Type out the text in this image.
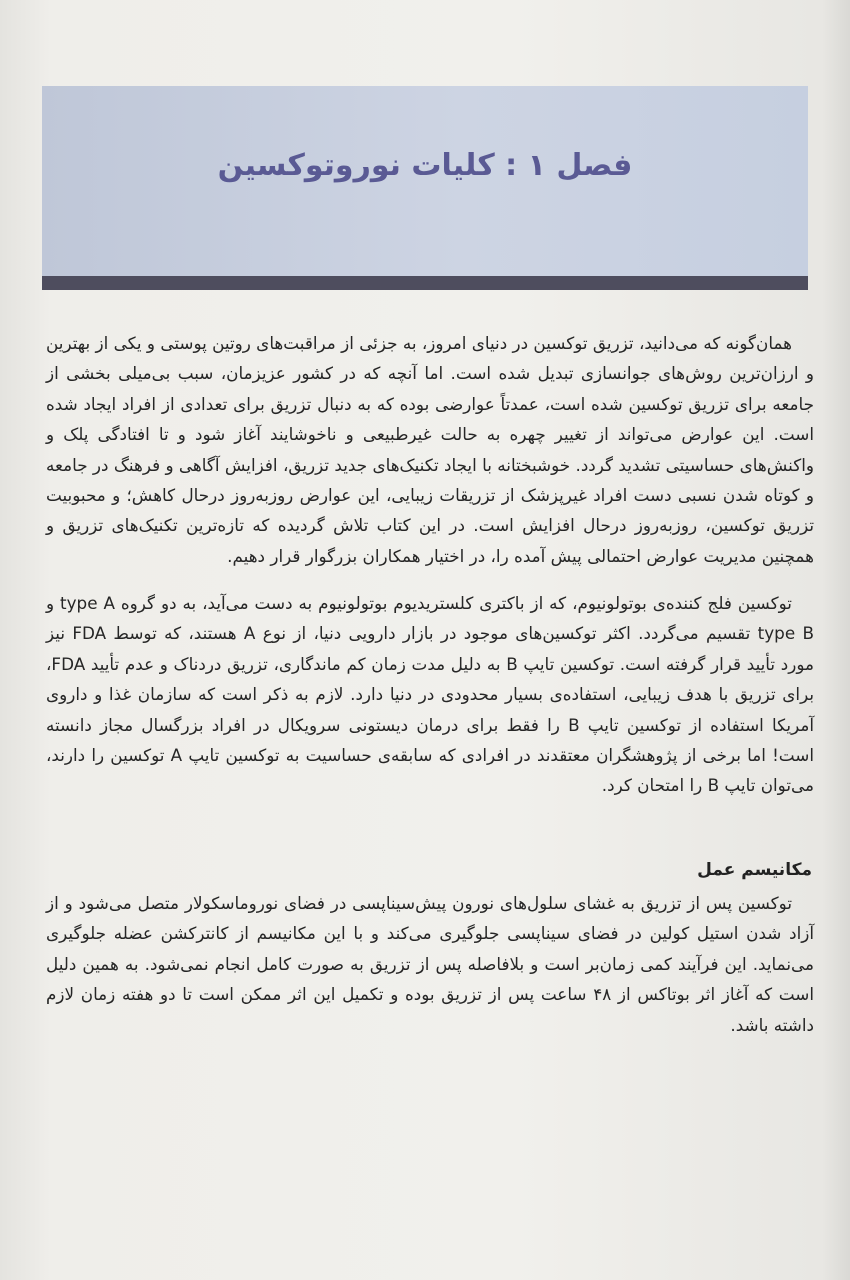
فصل ۱ : کلیات نوروتوکسین

همان‌گونه که می‌دانید، تزریق توکسین در دنیای امروز، به جزئی از مراقبت‌های روتین پوستی و یکی از بهترین و ارزان‌ترین روش‌های جوانسازی تبدیل شده است. اما آنچه که در کشور عزیزمان، سبب بی‌میلی بخشی از جامعه برای تزریق توکسین شده است، عمدتاً عوارضی بوده که به دنبال تزریق برای تعدادی از افراد ایجاد شده است. این عوارض می‌تواند از تغییر چهره به حالت غیرطبیعی و ناخوشایند آغاز شود و تا افتادگی پلک و واکنش‌های حساسیتی تشدید گردد. خوشبختانه با ایجاد تکنیک‌های جدید تزریق، افزایش آگاهی و فرهنگ در جامعه و کوتاه شدن نسبی دست افراد غیرپزشک از تزریقات زیبایی، این عوارض روزبه‌روز درحال کاهش؛ و محبوبیت تزریق توکسین، روزبه‌روز درحال افزایش است. در این کتاب تلاش گردیده که تازه‌ترین تکنیک‌های تزریق و همچنین مدیریت عوارض احتمالی پیش آمده را، در اختیار همکاران بزرگوار قرار دهیم.

توکسین فلج کننده‌ی بوتولونیوم، که از باکتری کلستریدیوم بوتولونیوم به دست می‌آید، به دو گروه type A و type B تقسیم می‌گردد. اکثر توکسین‌های موجود در بازار دارویی دنیا، از نوع A هستند، که توسط FDA نیز مورد تأیید قرار گرفته است. توکسین تایپ B به دلیل مدت زمان کم ماندگاری، تزریق دردناک و عدم تأیید FDA، برای تزریق با هدف زیبایی، استفاده‌ی بسیار محدودی در دنیا دارد. لازم به ذکر است که سازمان غذا و داروی آمریکا استفاده از توکسین تایپ B را فقط برای درمان دیستونی سرویکال در افراد بزرگسال مجاز دانسته است! اما برخی از پژوهشگران معتقدند در افرادی که سابقه‌ی حساسیت به توکسین تایپ A توکسین را دارند، می‌توان تایپ B را امتحان کرد.

مکانیسم عمل

توکسین پس از تزریق به غشای سلول‌های نورون پیش‌سیناپسی در فضای نوروماسکولار متصل می‌شود و از آزاد شدن استیل کولین در فضای سیناپسی جلوگیری می‌کند و با این مکانیسم از کانترکشن عضله جلوگیری می‌نماید. این فرآیند کمی زمان‌بر است و بلافاصله پس از تزریق به صورت کامل انجام نمی‌شود. به همین دلیل است که آغاز اثر بوتاکس از ۴۸ ساعت پس از تزریق بوده و تکمیل این اثر ممکن است تا دو هفته زمان لازم داشته باشد.
